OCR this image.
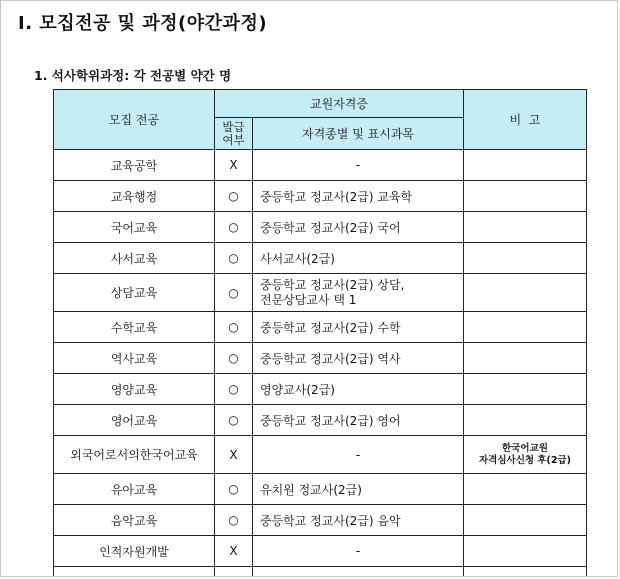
Ⅰ. 모집전공 및 과정(야간과정)
1. 석사학위과정: 각 전공별 약간 명
모집 전공	교원자격증		비  고

	발급
여부	자격종별 및 표시과목	
교육공학	X	-	
교육행정	○	중등학교 정교사(2급) 교육학	
국어교육	○	중등학교 정교사(2급) 국어	
사서교육	○	사서교사(2급)	
상담교육	○	중등학교 정교사(2급) 상담,
전문상담교사 택 1	

수학교육	○	중등학교 정교사(2급) 수학	
역사교육	○	중등학교 정교사(2급) 역사	
영양교육	○	영양교사(2급)	
영어교육	○	중등학교 정교사(2급) 영어	
외국어로서의한국어교육	X	-	한국어교원
자격심사신청 후(2급)

유아교육	○	유치원 정교사(2급)	
음악교육	○	중등학교 정교사(2급) 음악	
인적자원개발	X	-	
